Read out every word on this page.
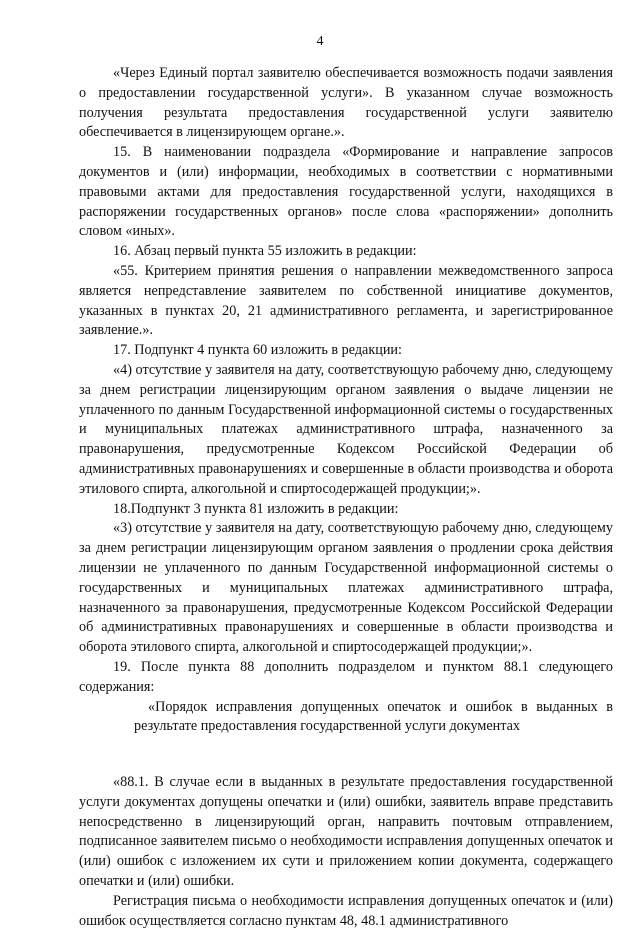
4

«Через Единый портал заявителю обеспечивается возможность подачи заявления о предоставлении государственной услуги». В указанном случае возможность получения результата предоставления государственной услуги заявителю обеспечивается в лицензирующем органе.».

15. В наименовании подраздела «Формирование и направление запросов документов и (или) информации, необходимых в соответствии с нормативными правовыми актами для предоставления государственной услуги, находящихся в распоряжении государственных органов» после слова «распоряжении» дополнить словом «иных».

16. Абзац первый пункта 55 изложить в редакции:

«55. Критерием принятия решения о направлении межведомственного запроса является непредставление заявителем по собственной инициативе документов, указанных в пунктах 20, 21 административного регламента, и зарегистрированное заявление.».

17. Подпункт 4 пункта 60 изложить в редакции:

«4) отсутствие у заявителя на дату, соответствующую рабочему дню, следующему за днем регистрации лицензирующим органом заявления о выдаче лицензии не уплаченного по данным Государственной информационной системы о государственных и муниципальных платежах административного штрафа, назначенного за правонарушения, предусмотренные Кодексом Российской Федерации об административных правонарушениях и совершенные в области производства и оборота этилового спирта, алкогольной и спиртосодержащей продукции;».

18.Подпункт 3 пункта 81 изложить в редакции:

«3) отсутствие у заявителя на дату, соответствующую рабочему дню, следующему за днем регистрации лицензирующим органом заявления о продлении срока действия лицензии не уплаченного по данным Государственной информационной системы о государственных и муниципальных платежах административного штрафа, назначенного за правонарушения, предусмотренные Кодексом Российской Федерации об административных правонарушениях и совершенные в области производства и оборота этилового спирта, алкогольной и спиртосодержащей продукции;».

19. После пункта 88 дополнить подразделом и пунктом 88.1 следующего содержания:

«Порядок исправления допущенных опечаток и ошибок в выданных в результате предоставления государственной услуги документах

«88.1. В случае если в выданных в результате предоставления государственной услуги документах допущены опечатки и (или) ошибки, заявитель вправе представить непосредственно в лицензирующий орган, направить почтовым отправлением, подписанное заявителем письмо о необходимости исправления допущенных опечаток и (или) ошибок с изложением их сути и приложением копии документа, содержащего опечатки и (или) ошибки.

Регистрация письма о необходимости исправления допущенных опечаток и (или) ошибок осуществляется согласно пунктам 48, 48.1 административного
